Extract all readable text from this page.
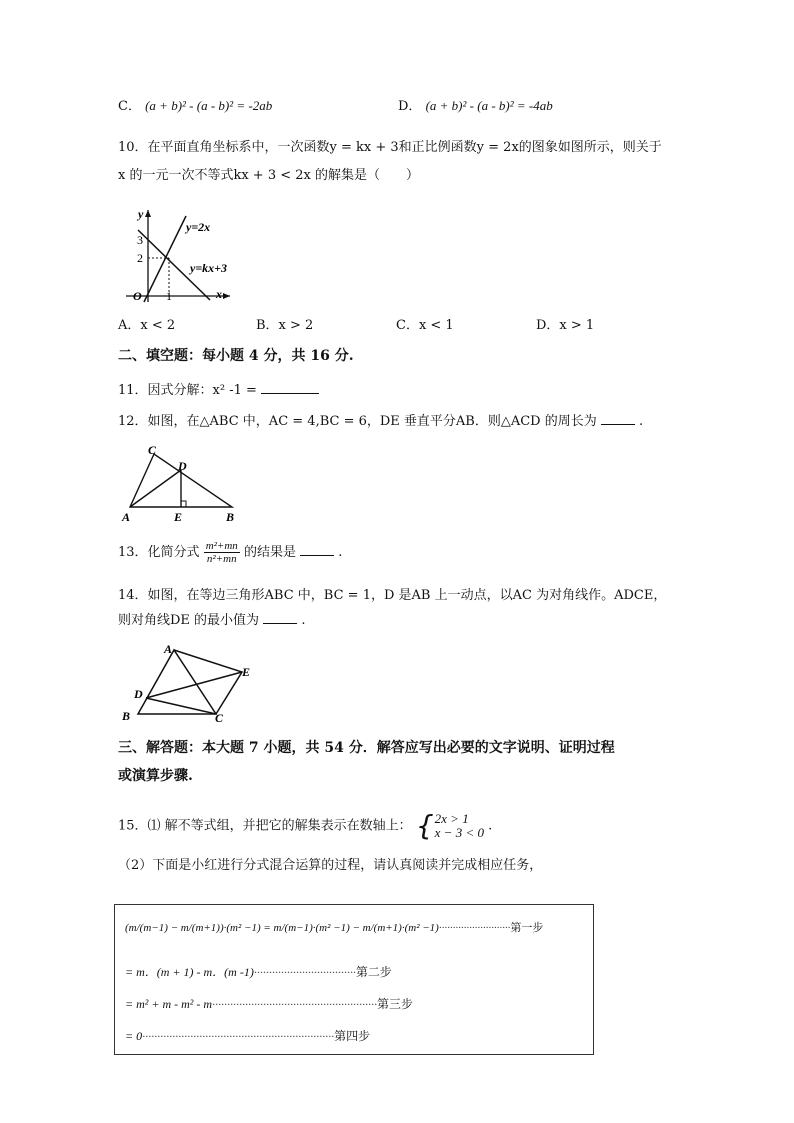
C． (a + b)² - (a - b)² = -2ab	D． (a + b)² - (a - b)² = -4ab
10．在平面直角坐标系中，一次函数y = kx + 3和正比例函数y = 2x的图象如图所示，则关于
x 的一元一次不等式kx + 3 < 2x 的解集是（　　）
y
x
O
3
2
1
y=2x
y=kx+3
A．x < 2	B．x > 2	C．x < 1	D．x > 1
二、填空题：每小题 4 分，共 16 分.
11．因式分解：x² -1 =
12．如图，在△ABC 中，AC = 4,BC = 6，DE 垂直平分AB．则△ACD 的周长为	.
C
D
A	E	B
13．化简分式 $\frac{\text{m²+mn}}{\text{n²+mn}}$ 的结果是	.
14．如图，在等边三角形ABC 中，BC = 1，D 是AB 上一动点，以AC 为对角线作。ADCE，
则对角线DE 的最小值为	.
A
E
D
B	C
三、解答题：本大题 7 小题，共 54 分．解答应写出必要的文字说明、证明过程
或演算步骤.
15．⑴ 解不等式组，并把它的解集表示在数轴上： { 2x > 1
x − 3 < 0 .
（2）下面是小红进行分式混合运算的过程，请认真阅读并完成相应任务，
(m/(m−1) − m/(m+1))·(m² −1) = m/(m−1)·(m² −1) − m/(m+1)·(m² −1)··························第一步
= m．(m + 1) - m．(m -1)··································第二步
= m² + m - m² - m·······················································第三步
= 0································································第四步
